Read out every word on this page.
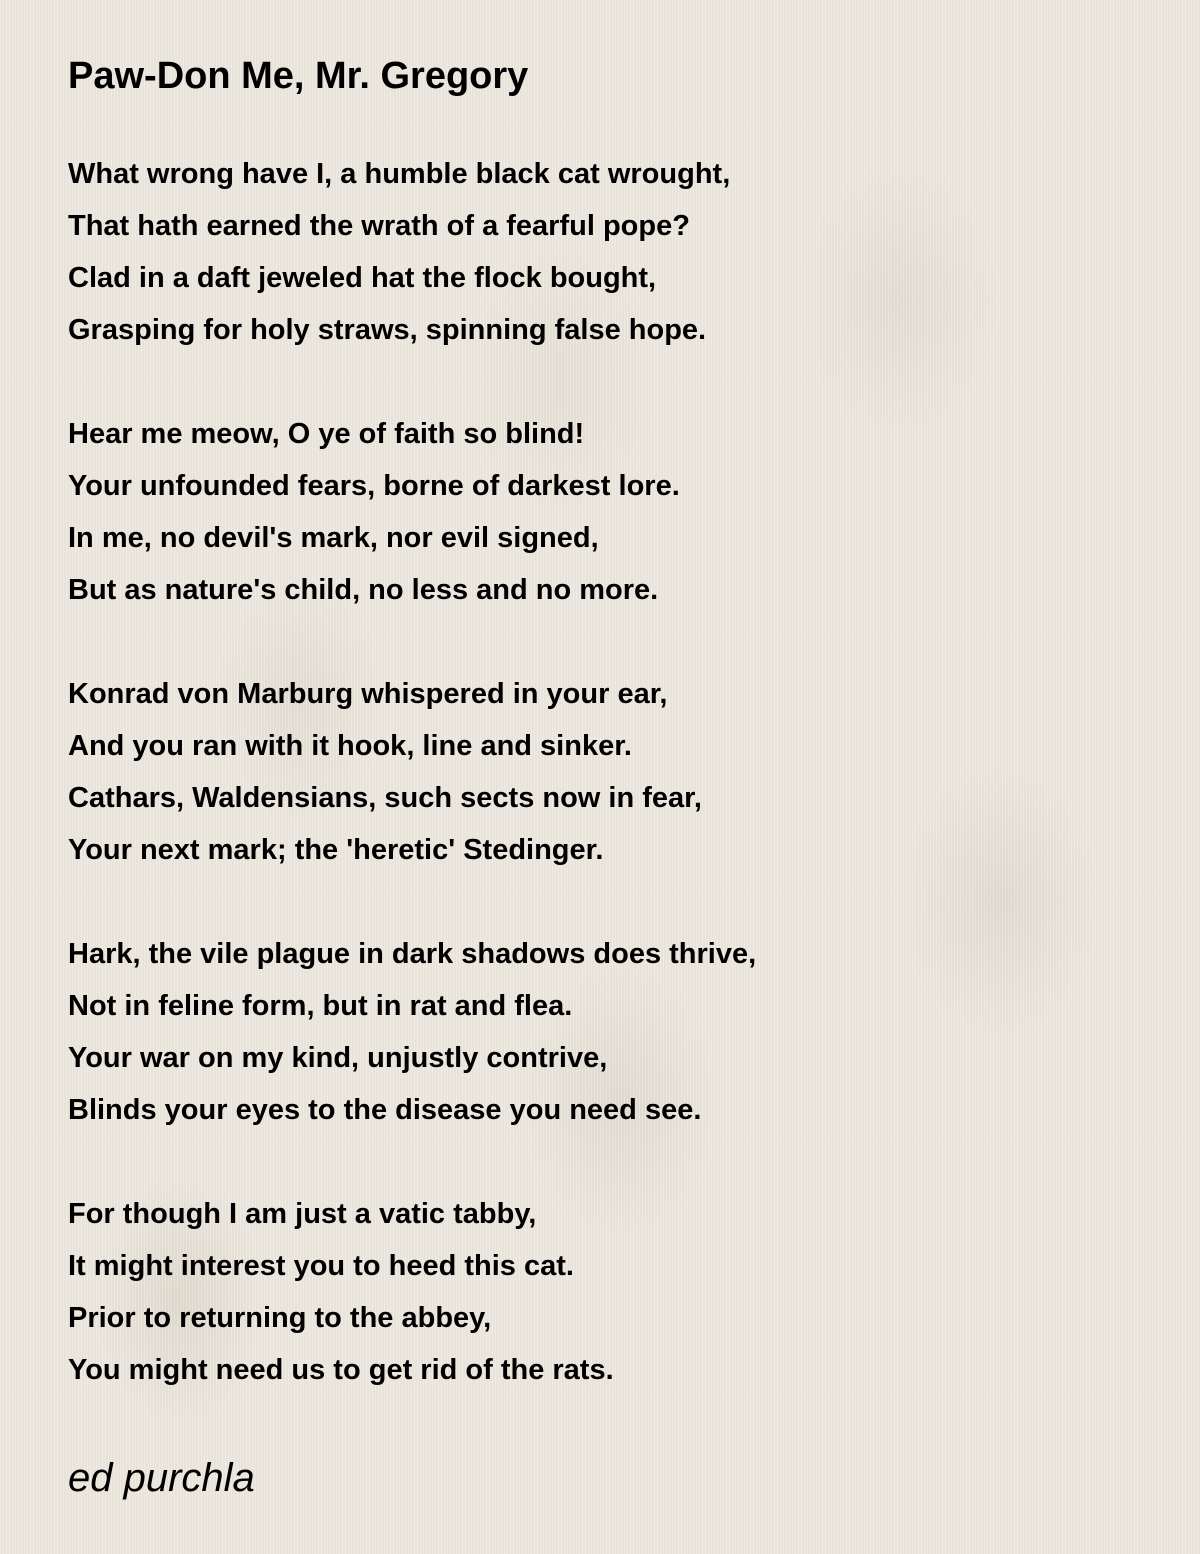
Paw-Don Me, Mr. Gregory
What wrong have I, a humble black cat wrought,
That hath earned the wrath of a fearful pope?
Clad in a daft jeweled hat the flock bought,
Grasping for holy straws, spinning false hope.
Hear me meow, O ye of faith so blind!
Your unfounded fears, borne of darkest lore.
In me, no devil's mark, nor evil signed,
But as nature's child, no less and no more.
Konrad von Marburg whispered in your ear,
And you ran with it hook, line and sinker.
Cathars, Waldensians, such sects now in fear,
Your next mark; the 'heretic' Stedinger.
Hark, the vile plague in dark shadows does thrive,
Not in feline form, but in rat and flea.
Your war on my kind, unjustly contrive,
Blinds your eyes to the disease you need see.
For though I am just a vatic tabby,
It might interest you to heed this cat.
Prior to returning to the abbey,
You might need us to get rid of the rats.
ed purchla
